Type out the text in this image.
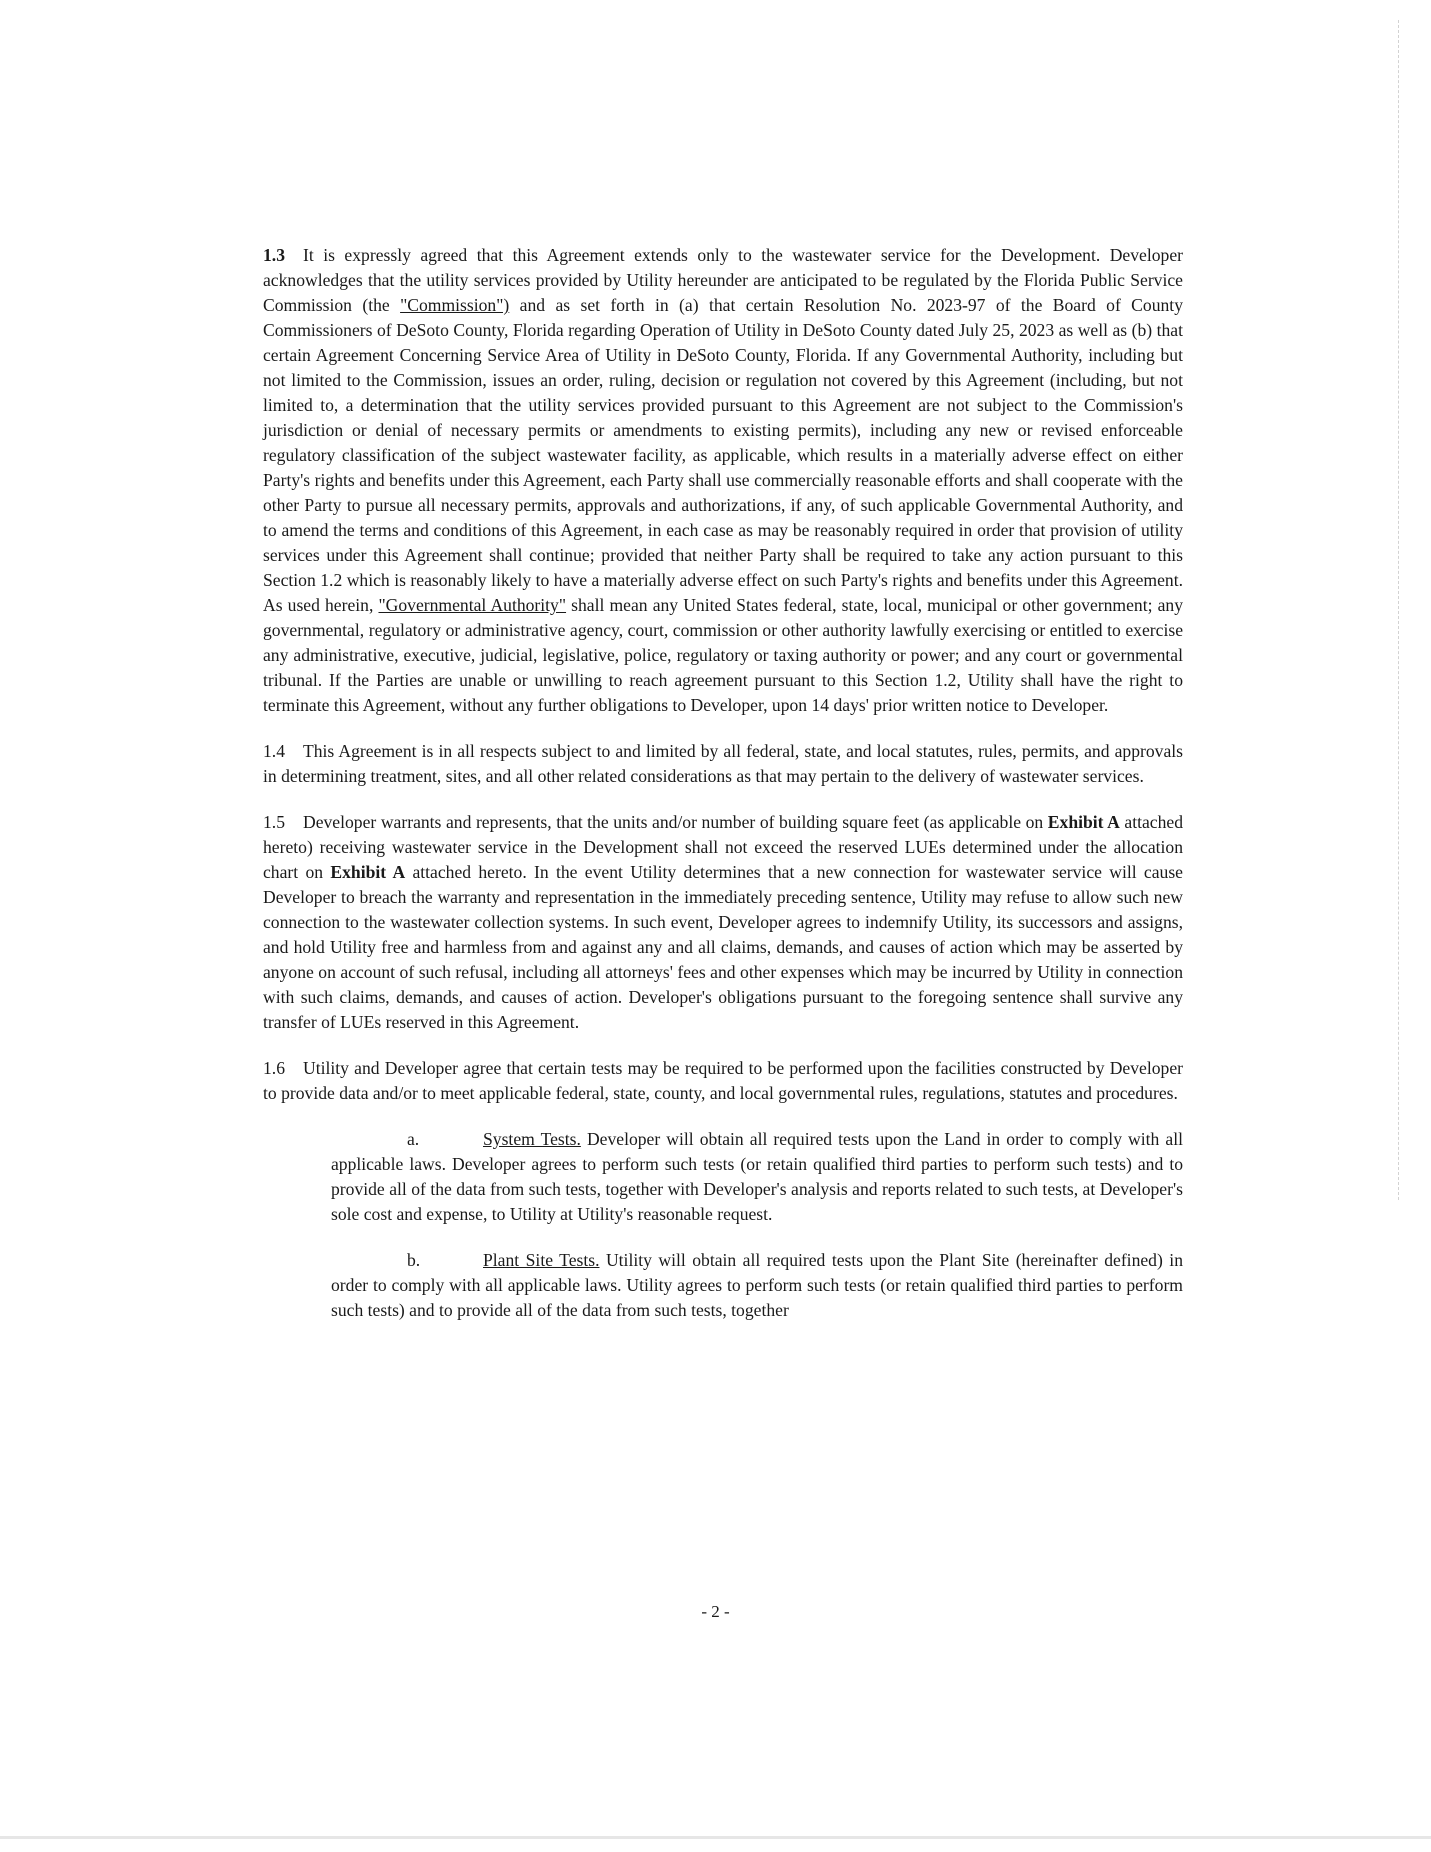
1.3 It is expressly agreed that this Agreement extends only to the wastewater service for the Development. Developer acknowledges that the utility services provided by Utility hereunder are anticipated to be regulated by the Florida Public Service Commission (the "Commission") and as set forth in (a) that certain Resolution No. 2023-97 of the Board of County Commissioners of DeSoto County, Florida regarding Operation of Utility in DeSoto County dated July 25, 2023 as well as (b) that certain Agreement Concerning Service Area of Utility in DeSoto County, Florida. If any Governmental Authority, including but not limited to the Commission, issues an order, ruling, decision or regulation not covered by this Agreement (including, but not limited to, a determination that the utility services provided pursuant to this Agreement are not subject to the Commission's jurisdiction or denial of necessary permits or amendments to existing permits), including any new or revised enforceable regulatory classification of the subject wastewater facility, as applicable, which results in a materially adverse effect on either Party's rights and benefits under this Agreement, each Party shall use commercially reasonable efforts and shall cooperate with the other Party to pursue all necessary permits, approvals and authorizations, if any, of such applicable Governmental Authority, and to amend the terms and conditions of this Agreement, in each case as may be reasonably required in order that provision of utility services under this Agreement shall continue; provided that neither Party shall be required to take any action pursuant to this Section 1.2 which is reasonably likely to have a materially adverse effect on such Party's rights and benefits under this Agreement. As used herein, "Governmental Authority" shall mean any United States federal, state, local, municipal or other government; any governmental, regulatory or administrative agency, court, commission or other authority lawfully exercising or entitled to exercise any administrative, executive, judicial, legislative, police, regulatory or taxing authority or power; and any court or governmental tribunal. If the Parties are unable or unwilling to reach agreement pursuant to this Section 1.2, Utility shall have the right to terminate this Agreement, without any further obligations to Developer, upon 14 days' prior written notice to Developer.

1.4 This Agreement is in all respects subject to and limited by all federal, state, and local statutes, rules, permits, and approvals in determining treatment, sites, and all other related considerations as that may pertain to the delivery of wastewater services.

1.5 Developer warrants and represents, that the units and/or number of building square feet (as applicable on Exhibit A attached hereto) receiving wastewater service in the Development shall not exceed the reserved LUEs determined under the allocation chart on Exhibit A attached hereto. In the event Utility determines that a new connection for wastewater service will cause Developer to breach the warranty and representation in the immediately preceding sentence, Utility may refuse to allow such new connection to the wastewater collection systems. In such event, Developer agrees to indemnify Utility, its successors and assigns, and hold Utility free and harmless from and against any and all claims, demands, and causes of action which may be asserted by anyone on account of such refusal, including all attorneys' fees and other expenses which may be incurred by Utility in connection with such claims, demands, and causes of action. Developer's obligations pursuant to the foregoing sentence shall survive any transfer of LUEs reserved in this Agreement.

1.6 Utility and Developer agree that certain tests may be required to be performed upon the facilities constructed by Developer to provide data and/or to meet applicable federal, state, county, and local governmental rules, regulations, statutes and procedures.

a.	System Tests. Developer will obtain all required tests upon the Land in order to comply with all applicable laws. Developer agrees to perform such tests (or retain qualified third parties to perform such tests) and to provide all of the data from such tests, together with Developer's analysis and reports related to such tests, at Developer's sole cost and expense, to Utility at Utility's reasonable request.

b.	Plant Site Tests. Utility will obtain all required tests upon the Plant Site (hereinafter defined) in order to comply with all applicable laws. Utility agrees to perform such tests (or retain qualified third parties to perform such tests) and to provide all of the data from such tests, together

- 2 -
